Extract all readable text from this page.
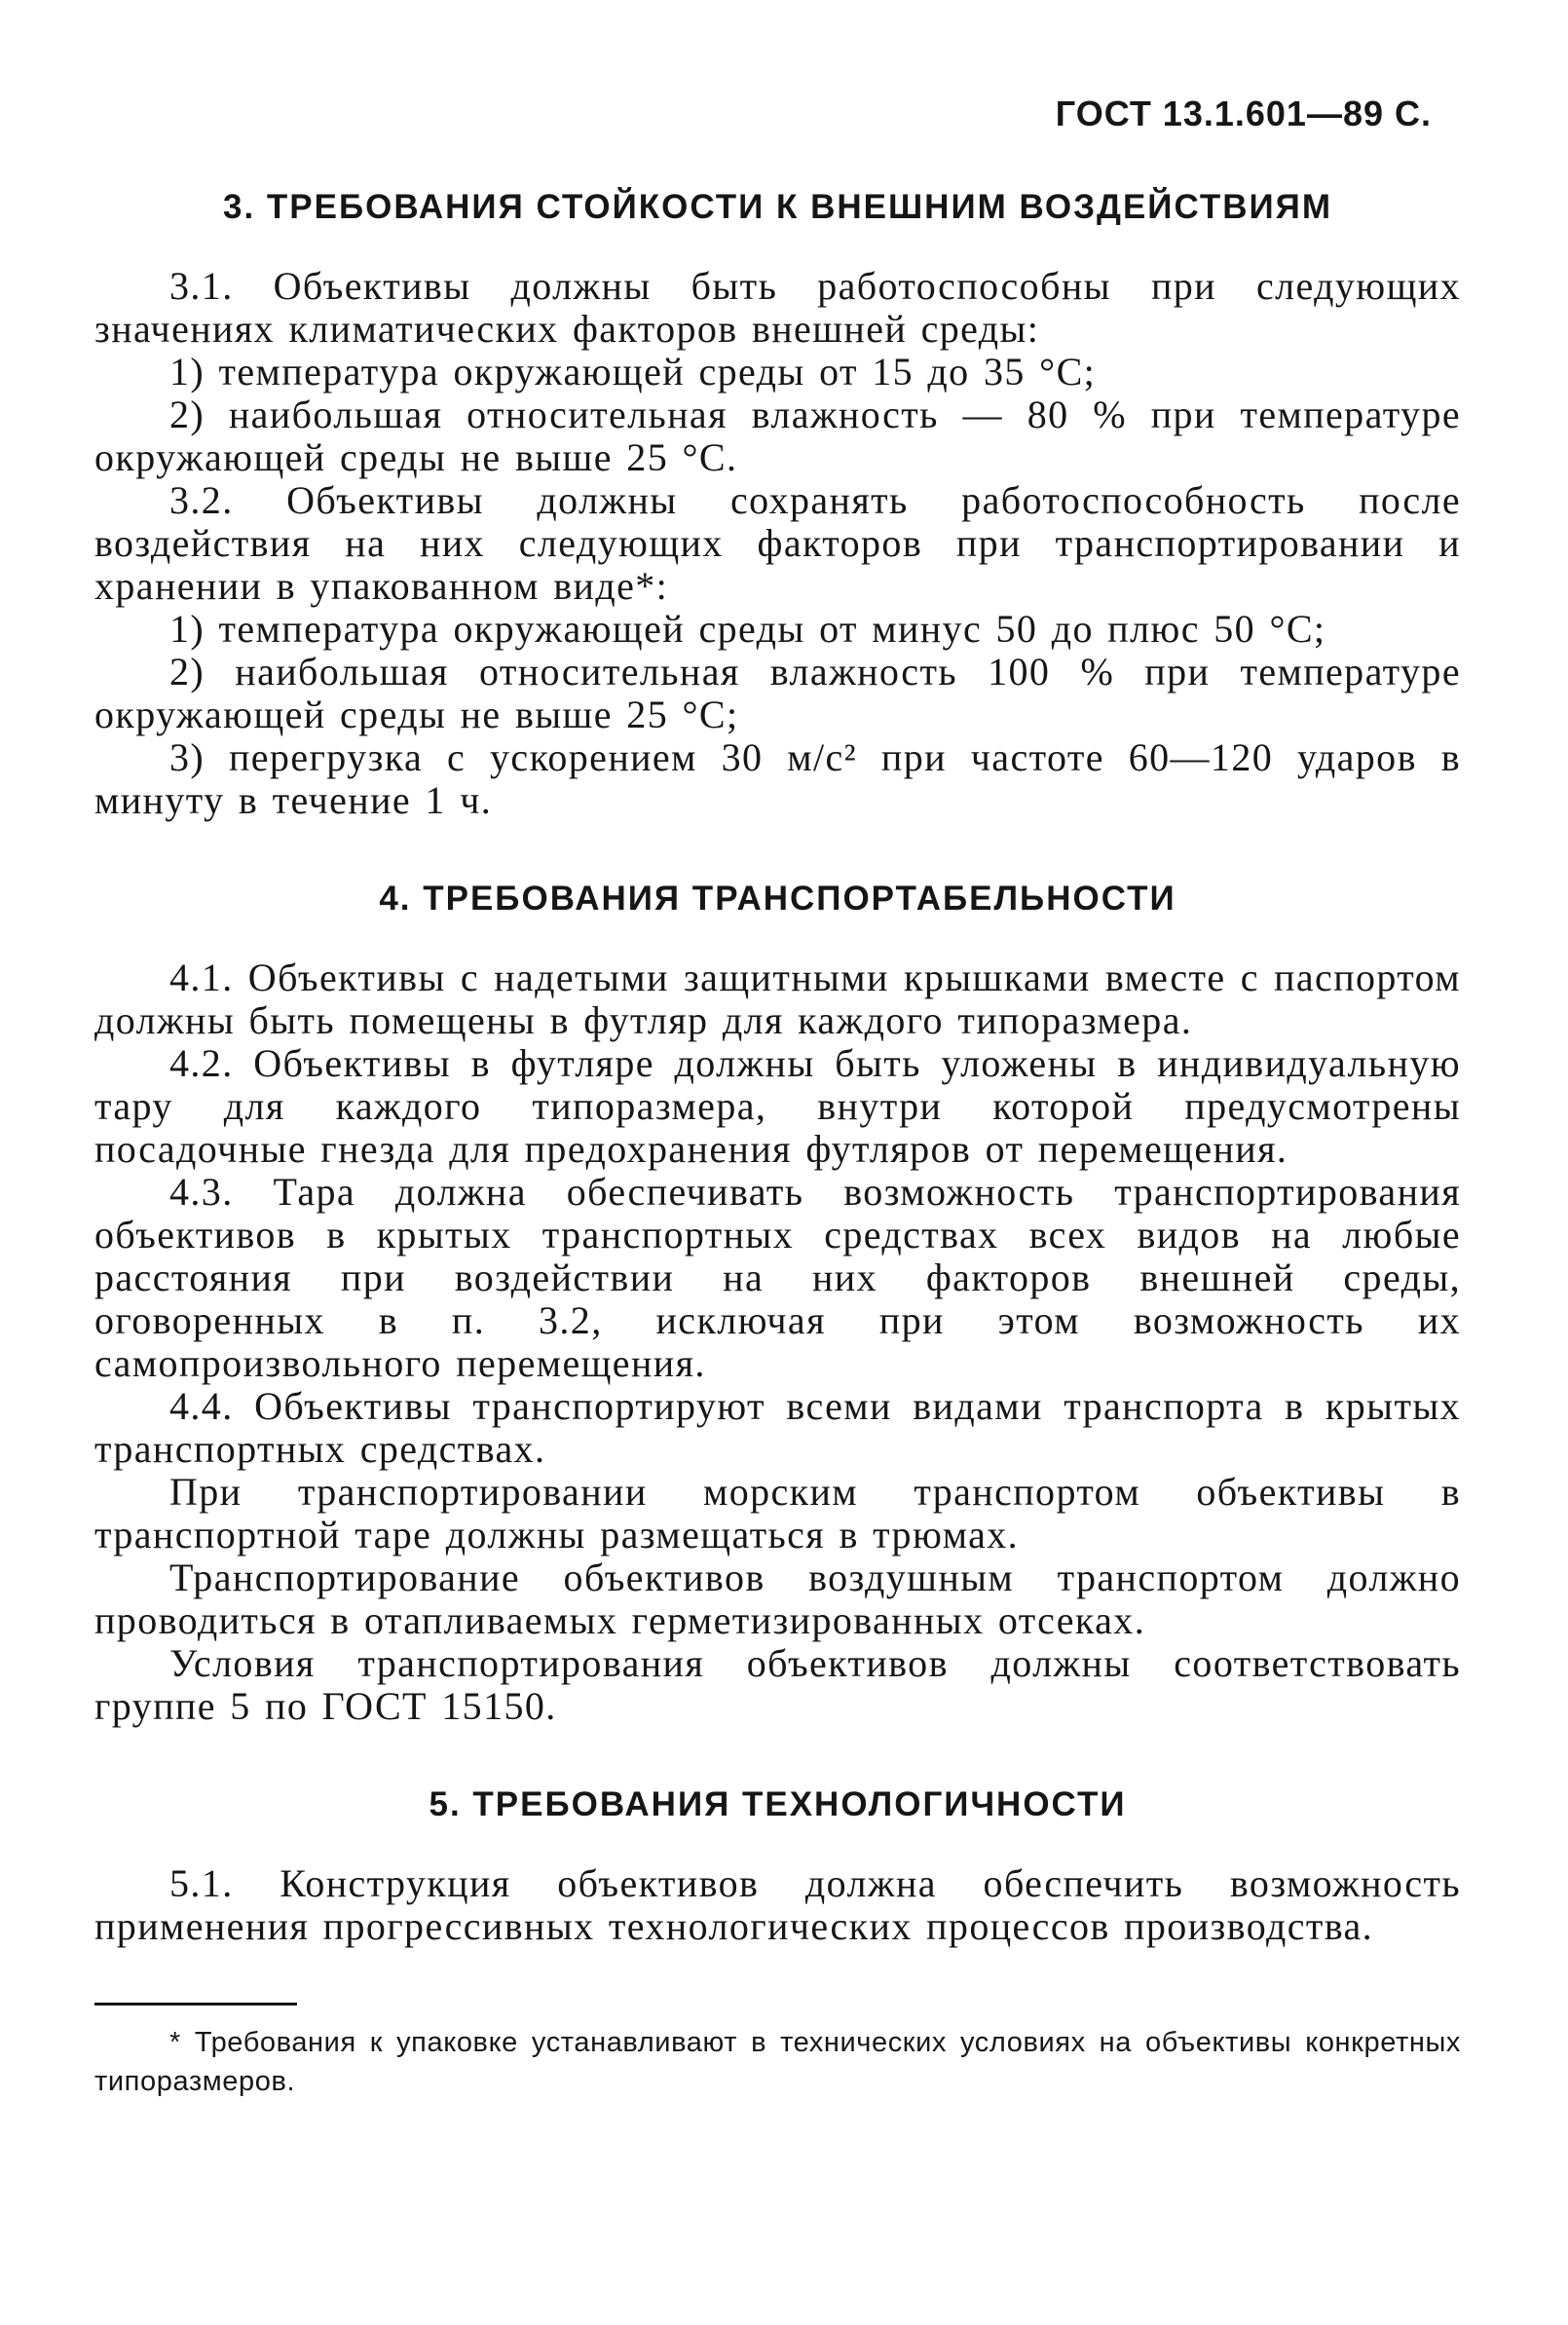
ГОСТ 13.1.601—89 С.
3. ТРЕБОВАНИЯ СТОЙКОСТИ К ВНЕШНИМ ВОЗДЕЙСТВИЯМ

3.1. Объективы должны быть работоспособны при следующих значениях климатических факторов внешней среды:

1) температура окружающей среды от 15 до 35 °С;

2) наибольшая относительная влажность — 80 % при температуре окружающей среды не выше 25 °С.

3.2. Объективы должны сохранять работоспособность после воздействия на них следующих факторов при транспортировании и хранении в упакованном виде*:

1) температура окружающей среды от минус 50 до плюс 50 °С;

2) наибольшая относительная влажность 100 % при температуре окружающей среды не выше 25 °С;

3) перегрузка с ускорением 30 м/с² при частоте 60—120 ударов в минуту в течение 1 ч.

4. ТРЕБОВАНИЯ ТРАНСПОРТАБЕЛЬНОСТИ

4.1. Объективы с надетыми защитными крышками вместе с паспортом должны быть помещены в футляр для каждого типоразмера.

4.2. Объективы в футляре должны быть уложены в индивидуальную тару для каждого типоразмера, внутри которой предусмотрены посадочные гнезда для предохранения футляров от перемещения.

4.3. Тара должна обеспечивать возможность транспортирования объективов в крытых транспортных средствах всех видов на любые расстояния при воздействии на них факторов внешней среды, оговоренных в п. 3.2, исключая при этом возможность их самопроизвольного перемещения.

4.4. Объективы транспортируют всеми видами транспорта в крытых транспортных средствах.

При транспортировании морским транспортом объективы в транспортной таре должны размещаться в трюмах.

Транспортирование объективов воздушным транспортом должно проводиться в отапливаемых герметизированных отсеках.

Условия транспортирования объективов должны соответствовать группе 5 по ГОСТ 15150.

5. ТРЕБОВАНИЯ ТЕХНОЛОГИЧНОСТИ

5.1. Конструкция объективов должна обеспечить возможность применения прогрессивных технологических процессов производства.

* Требования к упаковке устанавливают в технических условиях на объективы конкретных типоразмеров.
